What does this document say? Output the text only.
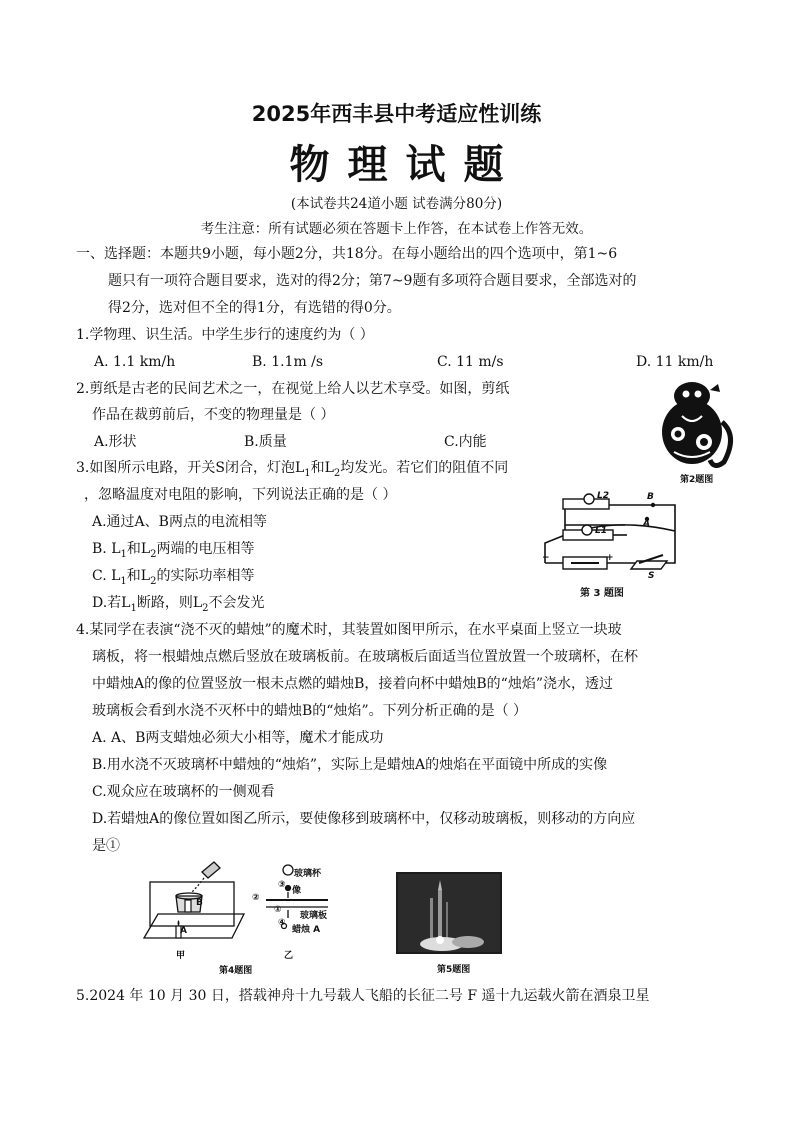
2025年西丰县中考适应性训练
物理试题
(本试卷共24道小题 试卷满分80分)
考生注意：所有试题必须在答题卡上作答，在本试卷上作答无效。
一、选择题：本题共9小题，每小题2分，共18分。在每小题给出的四个选项中，第1~6
题只有一项符合题目要求，选对的得2分；第7~9题有多项符合题目要求，全部选对的
得2分，选对但不全的得1分，有选错的得0分。
1.学物理、识生活。中学生步行的速度约为（ ）
A. 1.1 km/h	B. 1.1m /s	C. 11 m/s	D. 11 km/h
2.剪纸是古老的民间艺术之一，在视觉上给人以艺术享受。如图，剪纸
作品在裁剪前后，不变的物理量是（ ）
A.形状	B.质量	C.内能
第2题图
3.如图所示电路，开关S闭合，灯泡$L_1$和$L_2$均发光。若它们的阻值不同
，忽略温度对电阻的影响，下列说法正确的是（ ）
A.通过A、B两点的电流相等
B. $L_1$和$L_2$两端的电压相等
C. $L_1$和$L_2$的实际功率相等
D.若$L_1$断路，则$L_2$不会发光
L2
L1
B
A
−	+
S
第 3 题图
4.某同学在表演“浇不灭的蜡烛”的魔术时，其装置如图甲所示，在水平桌面上竖立一块玻
璃板，将一根蜡烛点燃后竖放在玻璃板前。在玻璃板后面适当位置放置一个玻璃杯，在杯
中蜡烛A的像的位置竖放一根未点燃的蜡烛B，接着向杯中蜡烛B的“烛焰”浇水，透过
玻璃板会看到水浇不灭杯中的蜡烛B的“烛焰”。下列分析正确的是（ ）
A. A、B两支蜡烛必须大小相等，魔术才能成功
B.用水浇不灭玻璃杯中蜡烛的“烛焰”，实际上是蜡烛A的烛焰在平面镜中所成的实像
C.观众应在玻璃杯的一侧观看
D.若蜡烛A的像位置如图乙所示，要使像移到玻璃杯中，仅移动玻璃板，则移动的方向应
是①
B
A
甲
玻璃杯
③
像
②
①
玻璃板
④
蜡烛 A
乙
第4题图	第5题图
5.2024 年 10 月 30 日，搭载神舟十九号载人飞船的长征二号 F 遥十九运载火箭在酒泉卫星
